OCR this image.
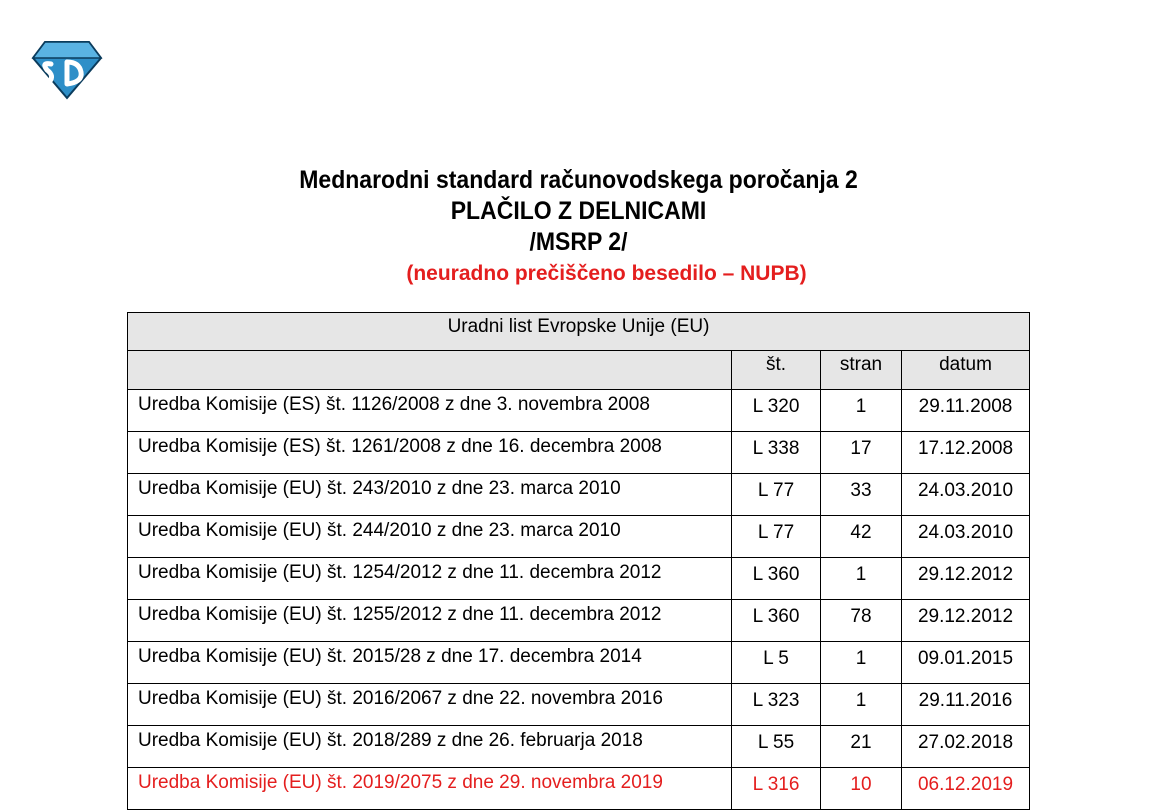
Mednarodni standard računovodskega poročanja 2
PLAČILO Z DELNICAMI
/MSRP 2/
(neuradno prečiščeno besedilo – NUPB)
Uradni list Evropske Unije (EU)			
	št.	stran	datum
Uredba Komisije (ES) št. 1126/2008 z dne 3. novembra 2008	L 320	1	29.11.2008
Uredba Komisije (ES) št. 1261/2008 z dne 16. decembra 2008	L 338	17	17.12.2008
Uredba Komisije (EU) št. 243/2010 z dne 23. marca 2010	L 77	33	24.03.2010
Uredba Komisije (EU) št. 244/2010 z dne 23. marca 2010	L 77	42	24.03.2010
Uredba Komisije (EU) št. 1254/2012 z dne 11. decembra 2012	L 360	1	29.12.2012
Uredba Komisije (EU) št. 1255/2012 z dne 11. decembra 2012	L 360	78	29.12.2012
Uredba Komisije (EU) št. 2015/28 z dne 17. decembra 2014	L 5	1	09.01.2015
Uredba Komisije (EU) št. 2016/2067 z dne 22. novembra 2016	L 323	1	29.11.2016
Uredba Komisije (EU) št. 2018/289 z dne 26. februarja 2018	L 55	21	27.02.2018
Uredba Komisije (EU) št. 2019/2075 z dne 29. novembra 2019	L 316	10	06.12.2019
